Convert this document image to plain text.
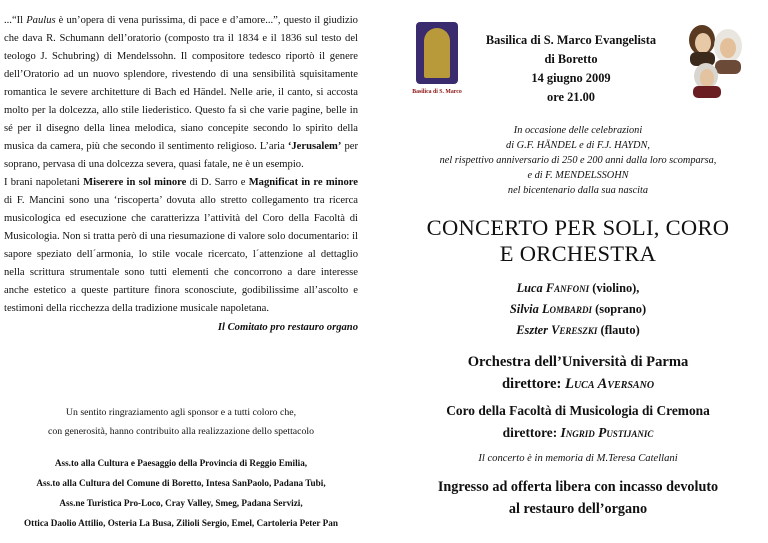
...“Il Paulus è un’opera di vena purissima, di pace e d’amore...”, questo il giudizio che dava R. Schumann dell’oratorio (composto tra il 1834 e il 1836 sul testo del teologo J. Schubring) di Mendelssohn. Il compositore tedesco riportò il genere dell’Oratorio ad un nuovo splendore, rivestendo di una sensibilità squisitamente romantica le severe architetture di Bach ed Händel. Nelle arie, il canto, si accosta molto per la dolcezza, allo stile liederistico. Questo fa sì che varie pagine, belle in sé per il disegno della linea melodica, siano concepite secondo lo spirito della musica da camera, più che secondo il sentimento religioso. L’aria ‘Jerusalem’ per soprano, pervasa di una dolcezza severa, quasi fatale, ne è un esempio.

I brani napoletani Miserere in sol minore di D. Sarro e Magnificat in re minore di F. Mancini sono una ‘riscoperta’ dovuta allo stretto collegamento tra ricerca musicologica ed esecuzione che caratterizza l’attività del Coro della Facoltà di Musicologia. Non si tratta però di una riesumazione di valore solo documentario: il sapore speziato dell´armonia, lo stile vocale ricercato, l´attenzione al dettaglio nella scrittura strumentale sono tutti elementi che concorrono a dare interesse anche estetico a queste partiture finora sconosciute, godibilissime all’ascolto e testimoni della ricchezza della tradizione musicale napoletana.

Il Comitato pro restauro organo
Un sentito ringraziamento agli sponsor e a tutti coloro che,
con generosità, hanno contribuito alla realizzazione dello spettacolo
Ass.to alla Cultura e Paesaggio della Provincia di Reggio Emilia,
Ass.to alla Cultura del Comune di Boretto, Intesa SanPaolo, Padana Tubi,
Ass.ne Turistica Pro-Loco, Cray Valley, Smeg, Padana Servizi,
Ottica Daolio Attilio, Osteria La Busa, Zilioli Sergio, Emel, Cartoleria Peter Pan
Basilica di S. Marco
Basilica di S. Marco Evangelista
di Boretto
14 giugno 2009
ore 21.00
In occasione delle celebrazioni
di G.F. HÄNDEL e di F.J. HAYDN,
nel rispettivo anniversario di 250 e 200 anni dalla loro scomparsa,
e di F. MENDELSSOHN
nel bicentenario dalla sua nascita
CONCERTO PER SOLI, CORO
E ORCHESTRA
Luca Fanfoni (violino),
Silvia Lombardi (soprano)
Eszter Vereszki (flauto)
Orchestra dell’Università di Parma
direttore: Luca Aversano
Coro della Facoltà di Musicologia di Cremona
direttore: Ingrid Pustijanic
Il concerto è in memoria di M.Teresa Catellani
Ingresso ad offerta libera con incasso devoluto
al restauro dell’organo
